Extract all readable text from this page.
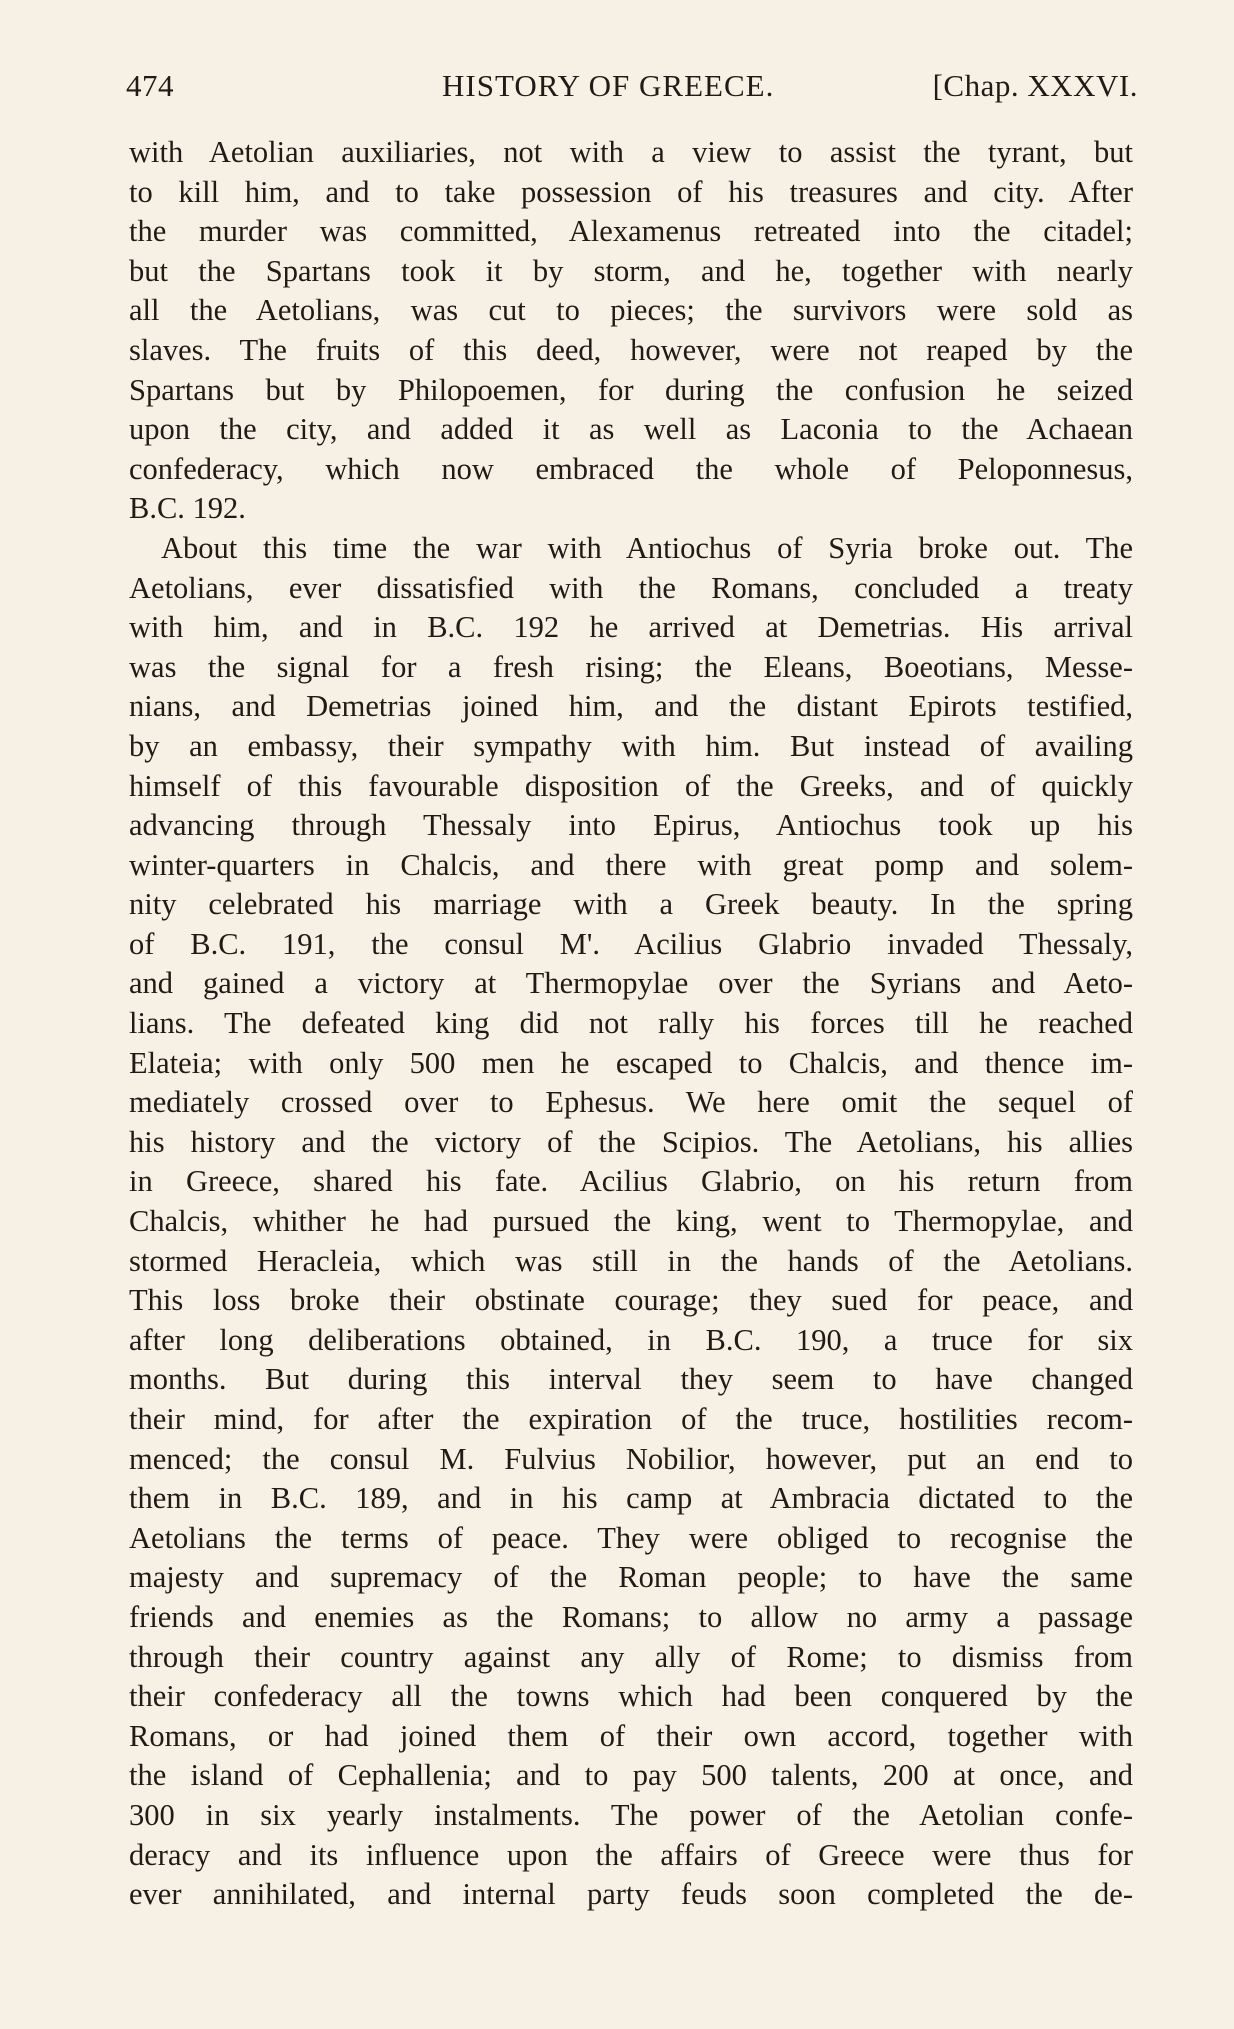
474	HISTORY OF GREECE.	[Chap. XXXVI.
with Aetolian auxiliaries, not with a view to assist the tyrant, but
to kill him, and to take possession of his treasures and city. After
the murder was committed, Alexamenus retreated into the citadel;
but the Spartans took it by storm, and he, together with nearly
all the Aetolians, was cut to pieces; the survivors were sold as
slaves. The fruits of this deed, however, were not reaped by the
Spartans but by Philopoemen, for during the confusion he seized
upon the city, and added it as well as Laconia to the Achaean
confederacy, which now embraced the whole of Peloponnesus,
B.C. 192.
About this time the war with Antiochus of Syria broke out. The
Aetolians, ever dissatisfied with the Romans, concluded a treaty
with him, and in B.C. 192 he arrived at Demetrias. His arrival
was the signal for a fresh rising; the Eleans, Boeotians, Messe-
nians, and Demetrias joined him, and the distant Epirots testified,
by an embassy, their sympathy with him. But instead of availing
himself of this favourable disposition of the Greeks, and of quickly
advancing through Thessaly into Epirus, Antiochus took up his
winter-quarters in Chalcis, and there with great pomp and solem-
nity celebrated his marriage with a Greek beauty. In the spring
of B.C. 191, the consul M'. Acilius Glabrio invaded Thessaly,
and gained a victory at Thermopylae over the Syrians and Aeto-
lians. The defeated king did not rally his forces till he reached
Elateia; with only 500 men he escaped to Chalcis, and thence im-
mediately crossed over to Ephesus. We here omit the sequel of
his history and the victory of the Scipios. The Aetolians, his allies
in Greece, shared his fate. Acilius Glabrio, on his return from
Chalcis, whither he had pursued the king, went to Thermopylae, and
stormed Heracleia, which was still in the hands of the Aetolians.
This loss broke their obstinate courage; they sued for peace, and
after long deliberations obtained, in B.C. 190, a truce for six
months. But during this interval they seem to have changed
their mind, for after the expiration of the truce, hostilities recom-
menced; the consul M. Fulvius Nobilior, however, put an end to
them in B.C. 189, and in his camp at Ambracia dictated to the
Aetolians the terms of peace. They were obliged to recognise the
majesty and supremacy of the Roman people; to have the same
friends and enemies as the Romans; to allow no army a passage
through their country against any ally of Rome; to dismiss from
their confederacy all the towns which had been conquered by the
Romans, or had joined them of their own accord, together with
the island of Cephallenia; and to pay 500 talents, 200 at once, and
300 in six yearly instalments. The power of the Aetolian confe-
deracy and its influence upon the affairs of Greece were thus for
ever annihilated, and internal party feuds soon completed the de-
